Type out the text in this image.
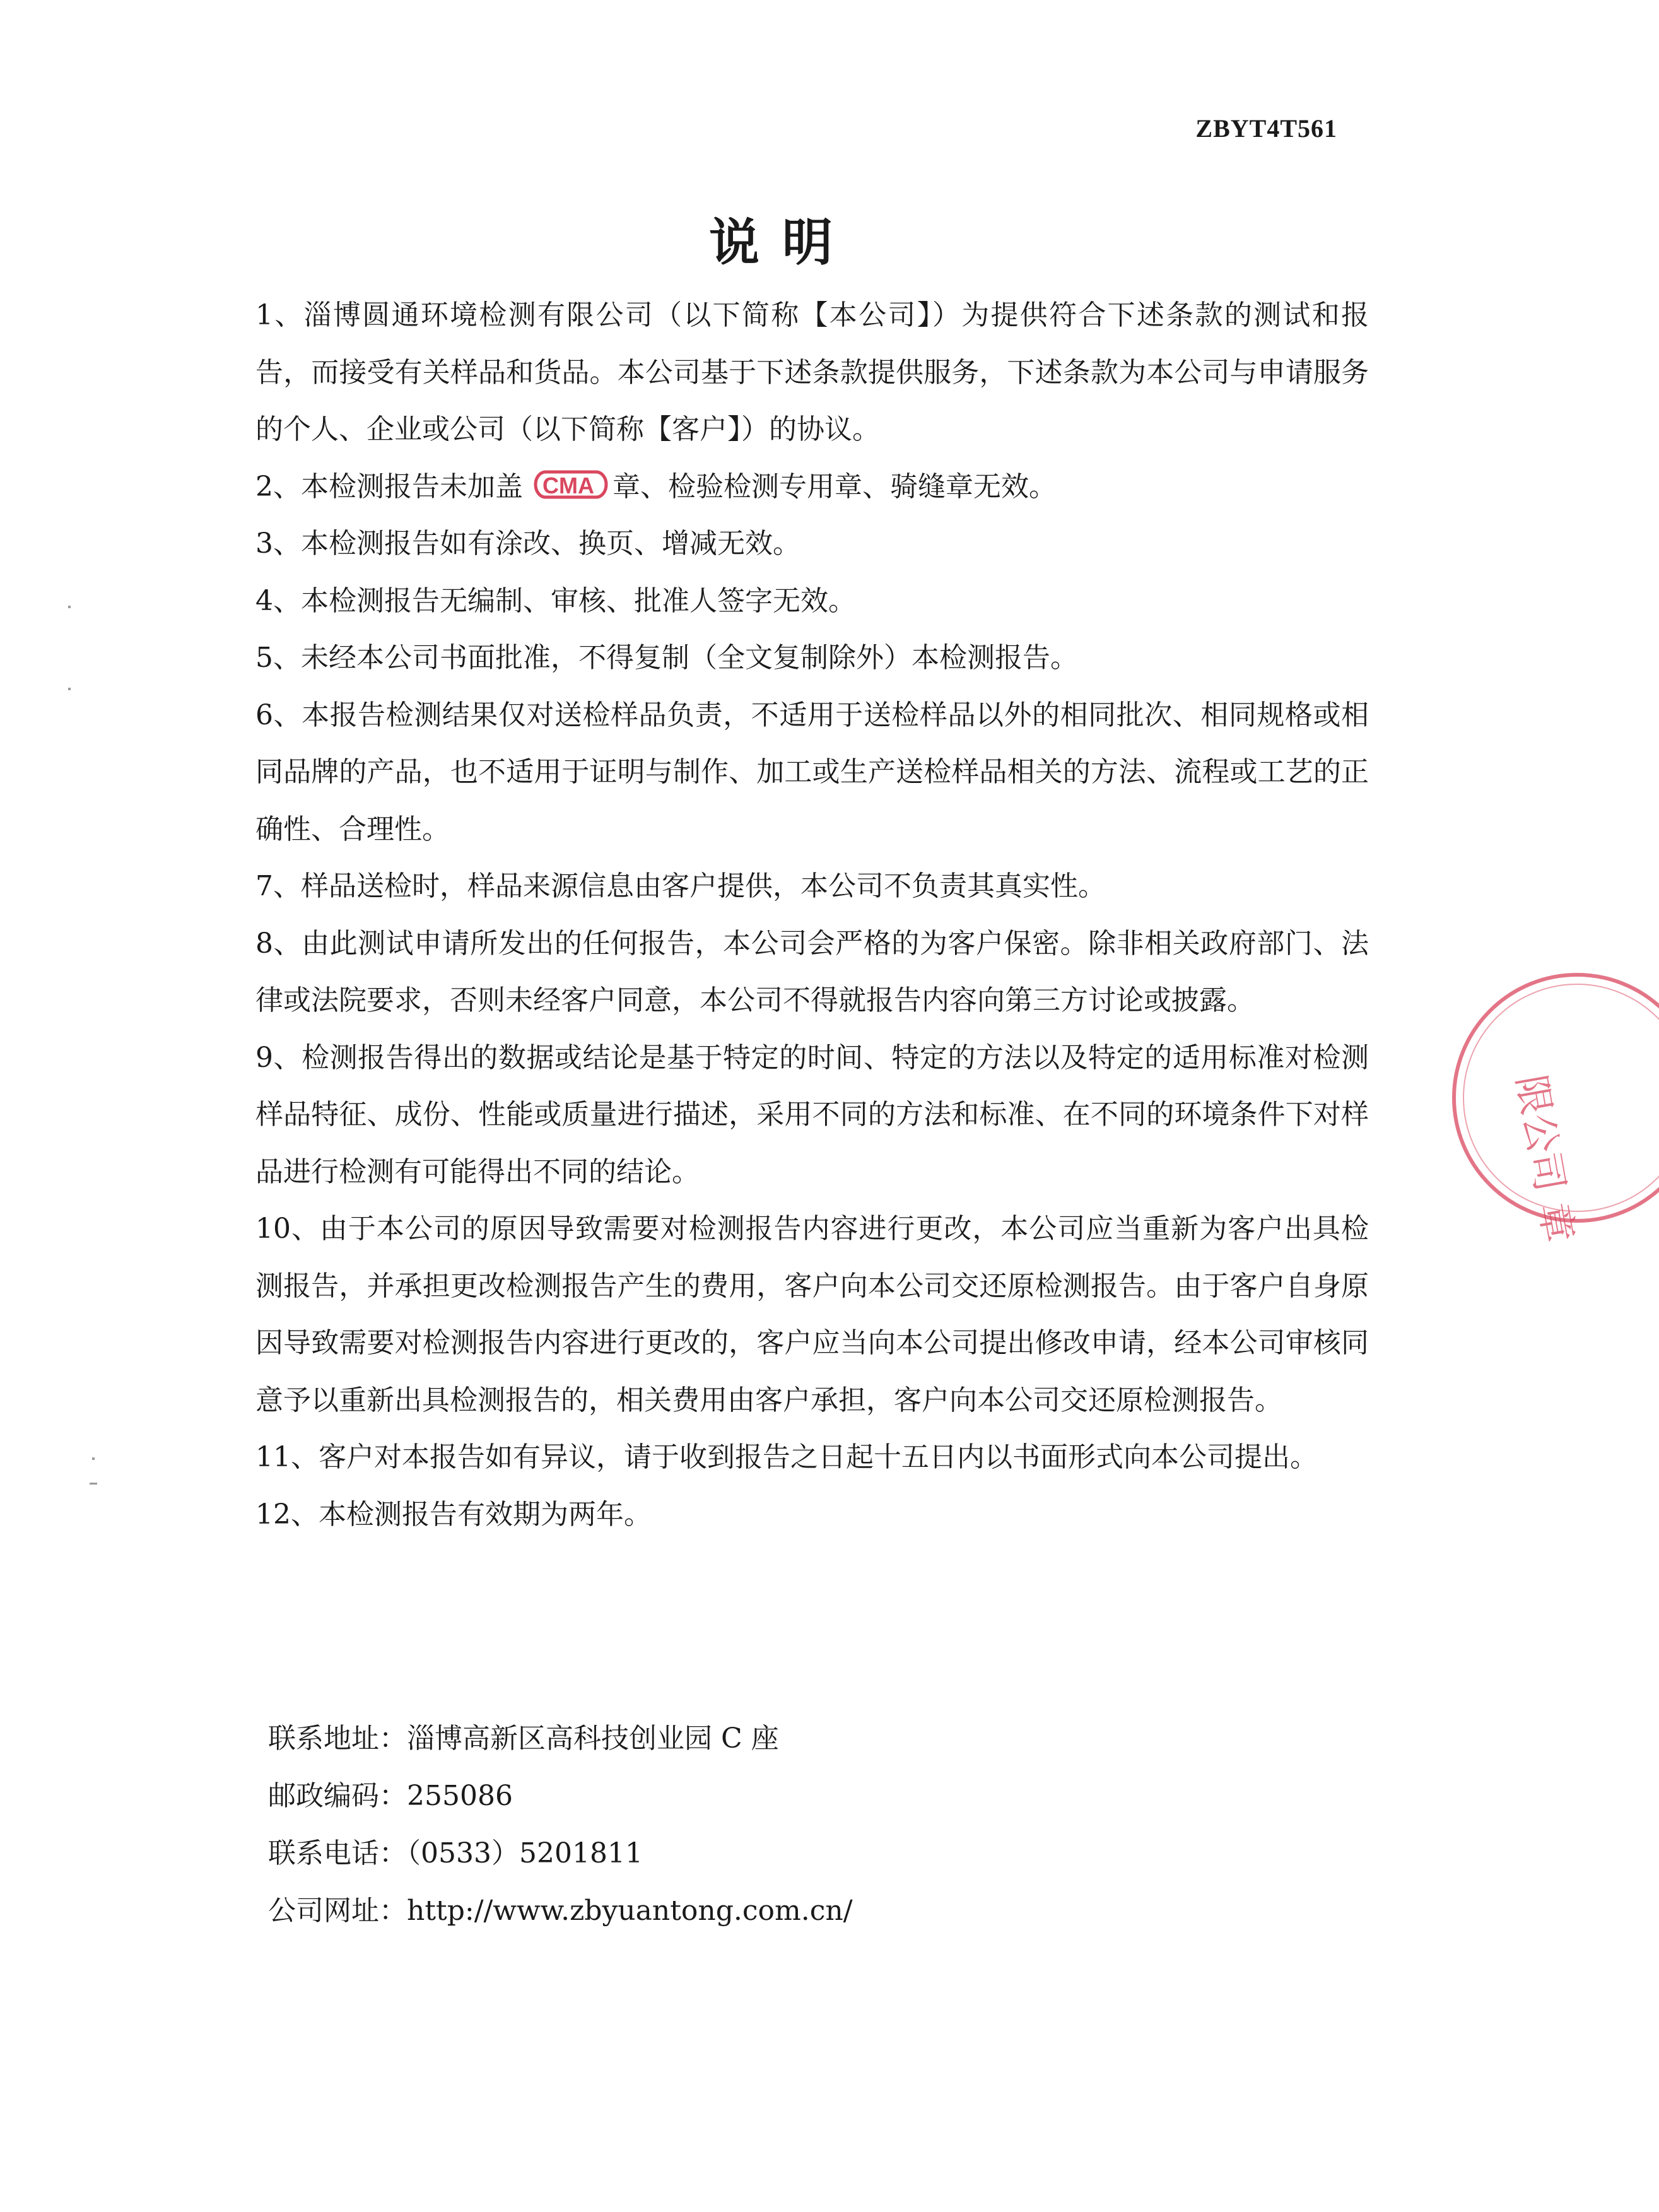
ZBYT4T561
说明

1、淄博圆通环境检测有限公司（以下简称【本公司】）为提供符合下述条款的测试和报告，而接受有关样品和货品。本公司基于下述条款提供服务，下述条款为本公司与申请服务的个人、企业或公司（以下简称【客户】）的协议。

2、本检测报告未加盖 CMA 章、检验检测专用章、骑缝章无效。

3、本检测报告如有涂改、换页、增减无效。

4、本检测报告无编制、审核、批准人签字无效。

5、未经本公司书面批准，不得复制（全文复制除外）本检测报告。

6、本报告检测结果仅对送检样品负责，不适用于送检样品以外的相同批次、相同规格或相同品牌的产品，也不适用于证明与制作、加工或生产送检样品相关的方法、流程或工艺的正确性、合理性。

7、样品送检时，样品来源信息由客户提供，本公司不负责其真实性。

8、由此测试申请所发出的任何报告，本公司会严格的为客户保密。除非相关政府部门、法律或法院要求，否则未经客户同意，本公司不得就报告内容向第三方讨论或披露。

9、检测报告得出的数据或结论是基于特定的时间、特定的方法以及特定的适用标准对检测样品特征、成份、性能或质量进行描述，采用不同的方法和标准、在不同的环境条件下对样品进行检测有可能得出不同的结论。

10、由于本公司的原因导致需要对检测报告内容进行更改，本公司应当重新为客户出具检测报告，并承担更改检测报告产生的费用，客户向本公司交还原检测报告。由于客户自身原因导致需要对检测报告内容进行更改的，客户应当向本公司提出修改申请，经本公司审核同意予以重新出具检测报告的，相关费用由客户承担，客户向本公司交还原检测报告。

11、客户对本报告如有异议，请于收到报告之日起十五日内以书面形式向本公司提出。

12、本检测报告有效期为两年。

联系地址：淄博高新区高科技创业园 C 座
邮政编码：255086
联系电话：（0533）5201811
公司网址：http://www.zbyuantong.com.cn/
限公司 章
